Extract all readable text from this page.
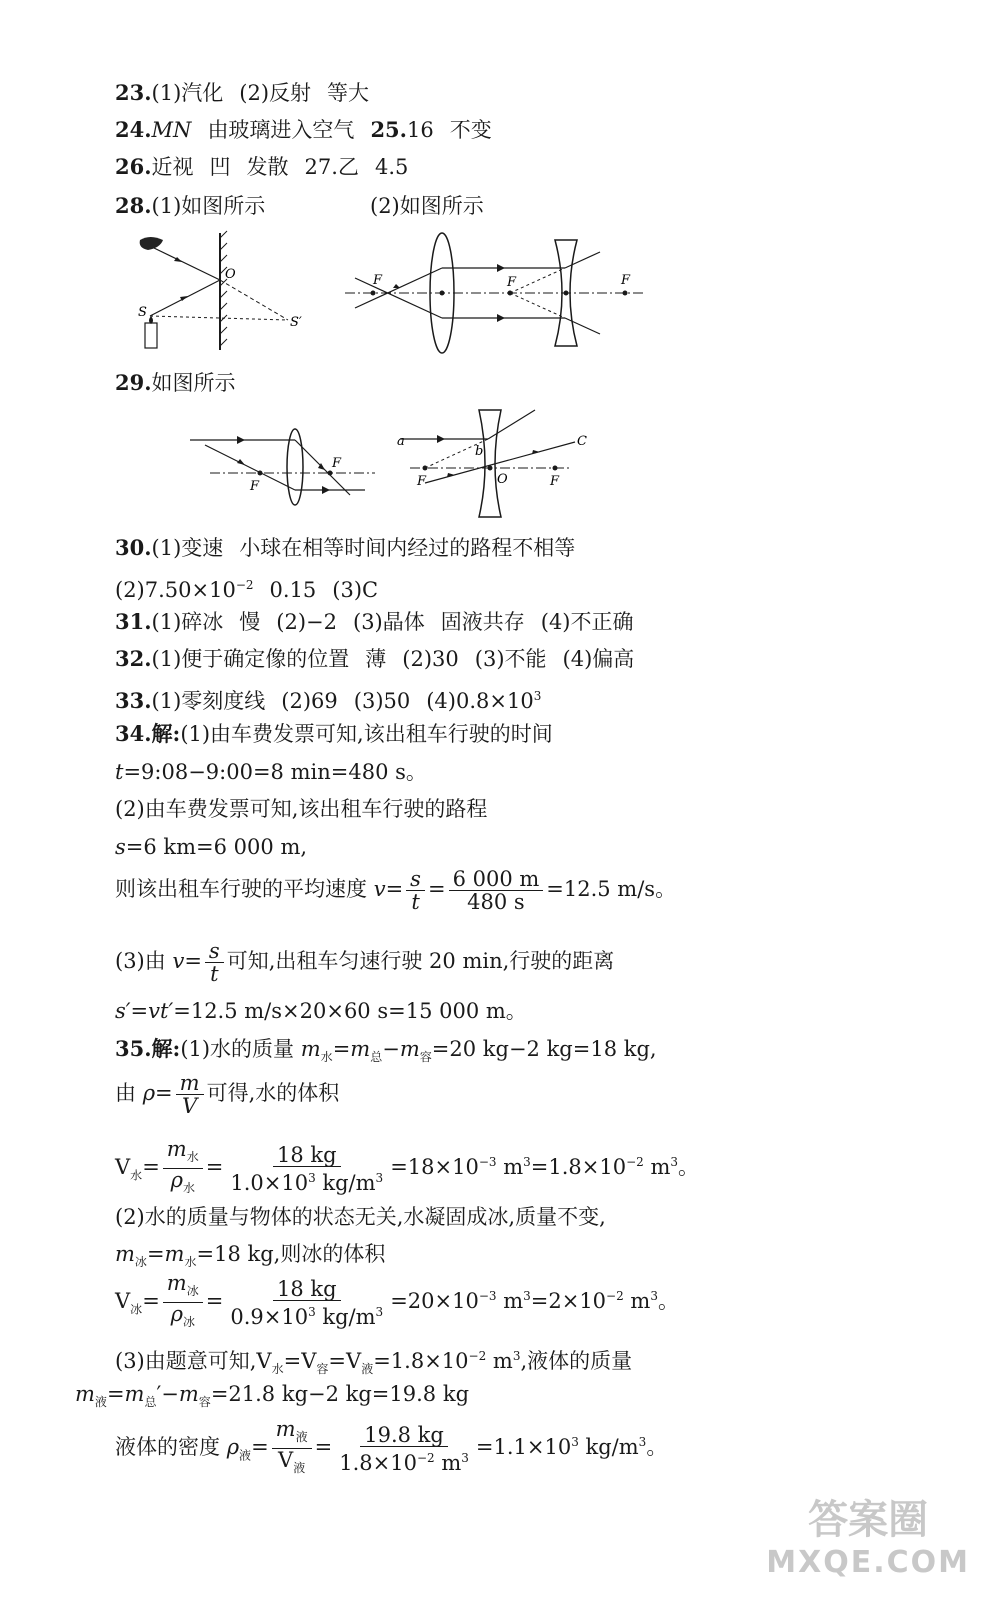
23.(1)汽化 (2)反射 等大
24.MN 由玻璃进入空气 25.16 不变
26.近视 凹 发散 27.乙 4.5
28.(1)如图所示	(2)如图所示
O
S
S′
F	F	F
29.如图所示
F
F
a
b
C
F	O	F
30.(1)变速 小球在相等时间内经过的路程不相等
$(2)7.50\times 10^{-2}$ 0.15 (3)C
31.(1)碎冰 慢 (2)−2 (3)晶体 固液共存 (4)不正确
32.(1)便于确定像的位置 薄 (2)30 (3)不能 (4)偏高
33.(1)零刻度线 (2)69 (3)50 $(4)0.8\times 10^3$
34.解:(1)由车费发票可知,该出租车行驶的时间
t=9:08−9:00=8 min=480 s。
(2)由车费发票可知,该出租车行驶的路程
s=6 km=6 000 m,
则该出租车行驶的平均速度 $v= \frac{s}{t} = \frac{6 000 m}{480 s} =12.5$ m/s。
(3)由 $v= \frac{s}{t}$ 可知,出租车匀速行驶 20 min,行驶的距离
s′=vt′=12.5 m/s×20×60 s=15 000 m。
35.解:(1)水的质量 $m_水=m_总-m_容=20$ kg−2 kg=18 kg,
由 $\rho= \frac{m}{V}$ 可得,水的体积
$V_水= \frac{m_水}{\rho_水} = \frac{18 kg}{1.0\times 10^3 kg/m^3} =18\times 10^{-3}$ $m^3=1.8\times 10^{-2}$ $m^3$。
(2)水的质量与物体的状态无关,水凝固成冰,质量不变,
$m_冰=m_水=18$ kg,则冰的体积
$V_冰= \frac{m_冰}{\rho_冰} = \frac{18 kg}{0.9\times 10^3 kg/m^3} =20\times 10^{-3}$ $m^3=2\times 10^{-2}$ $m^3$。
(3)由题意可知$,V_水=V_容=V_液=1.8\times 10^{-2}$ $m^3$,液体的质量
$m_液=m_总'-m_容=21.8$ kg−2 kg=19.8 kg
液体的密度 $\rho_液= \frac{m_液}{V_液} = \frac{19.8 kg}{1.8\times 10^{-2} m^3} =1.1\times 10^3$ $kg/m^3$。
答案圈
MXQE.COM
